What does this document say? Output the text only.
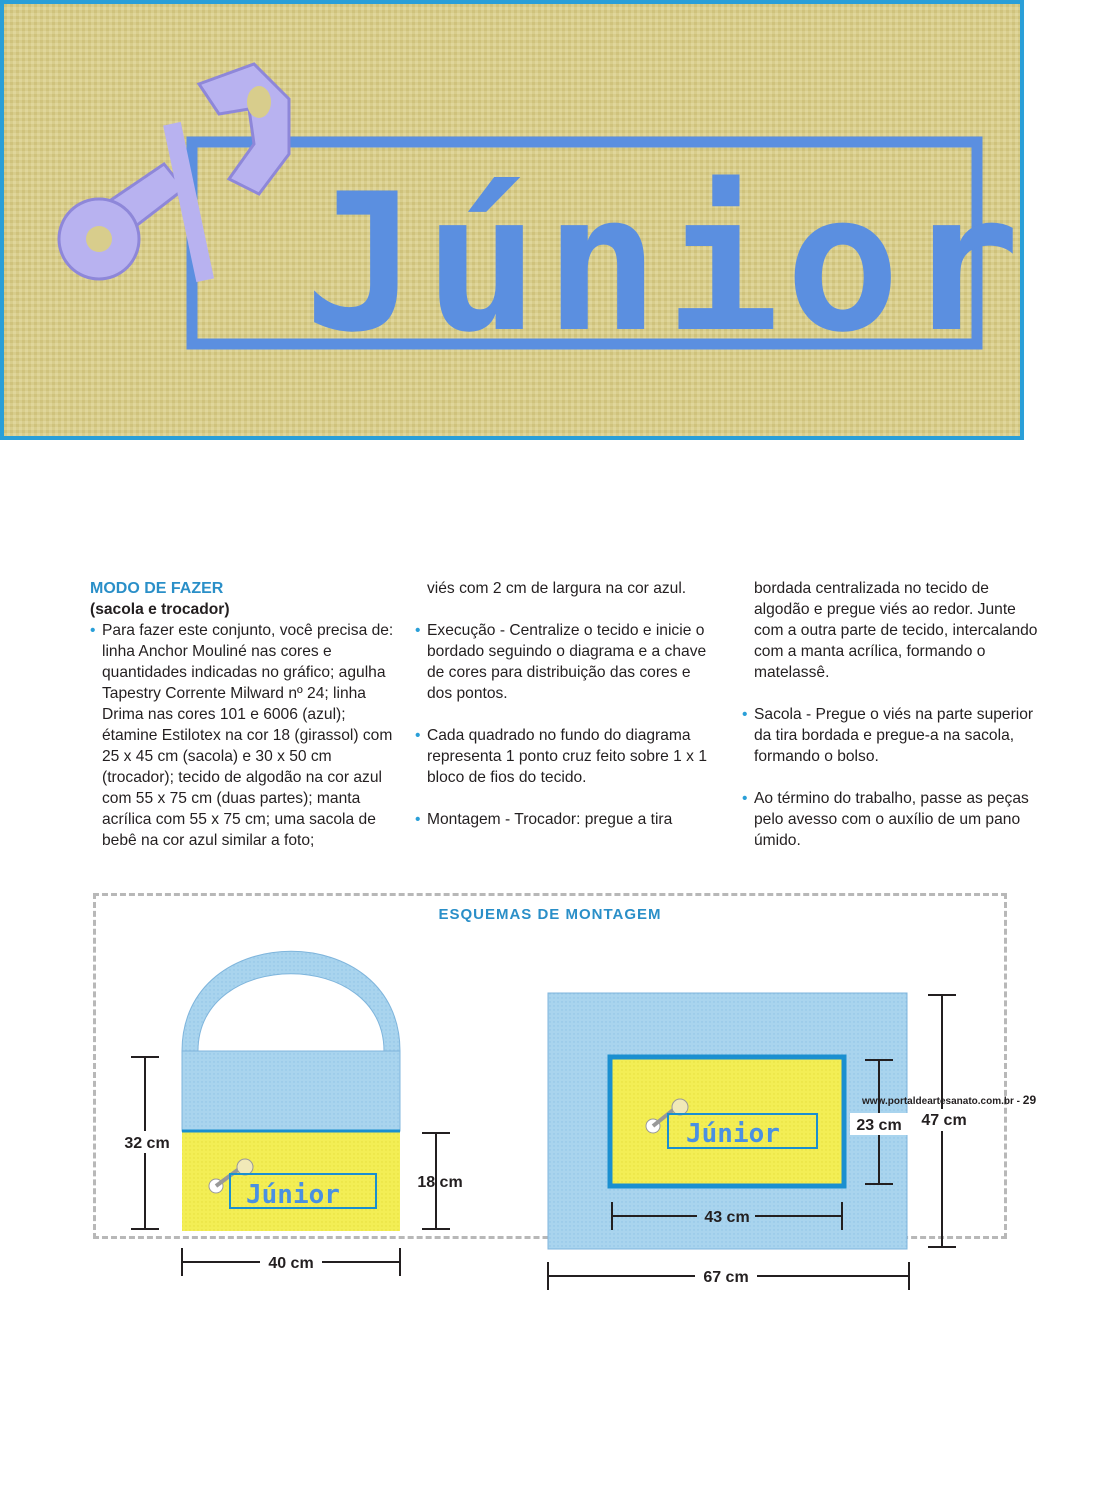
Júnior
MODO DE FAZER
(sacola e trocador)

• Para fazer este conjunto, você precisa de: linha Anchor Mouliné nas cores e quantidades indicadas no gráfico; agulha Tapestry Corrente Milward nº 24; linha Drima nas cores 101 e 6006 (azul); étamine Estilotex na cor 18 (girassol) com 25 x 45 cm (sacola) e 30 x 50 cm (trocador); tecido de algodão na cor azul com 55 x 75 cm (duas partes); manta acrílica com 55 x 75 cm; uma sacola de bebê na cor azul similar a foto;

viés com 2 cm de largura na cor azul.

• Execução - Centralize o tecido e inicie o bordado seguindo o diagrama e a chave de cores para distribuição das cores e dos pontos.

• Cada quadrado no fundo do diagrama representa 1 ponto cruz feito sobre 1 x 1 bloco de fios do tecido.

• Montagem - Trocador: pregue a tira

bordada centralizada no tecido de algodão e pregue viés ao redor. Junte com a outra parte de tecido, intercalando com a manta acrílica, formando o matelassê.

• Sacola - Pregue o viés na parte superior da tira bordada e pregue-a na sacola, formando o bolso.

• Ao término do trabalho, passe as peças pelo avesso com o auxílio de um pano úmido.

ESQUEMAS DE MONTAGEM
Júnior
32 cm
18 cm
40 cm
Júnior	23 cm 47 cm
43 cm
67 cm
www.portaldeartesanato.com.br - 29
